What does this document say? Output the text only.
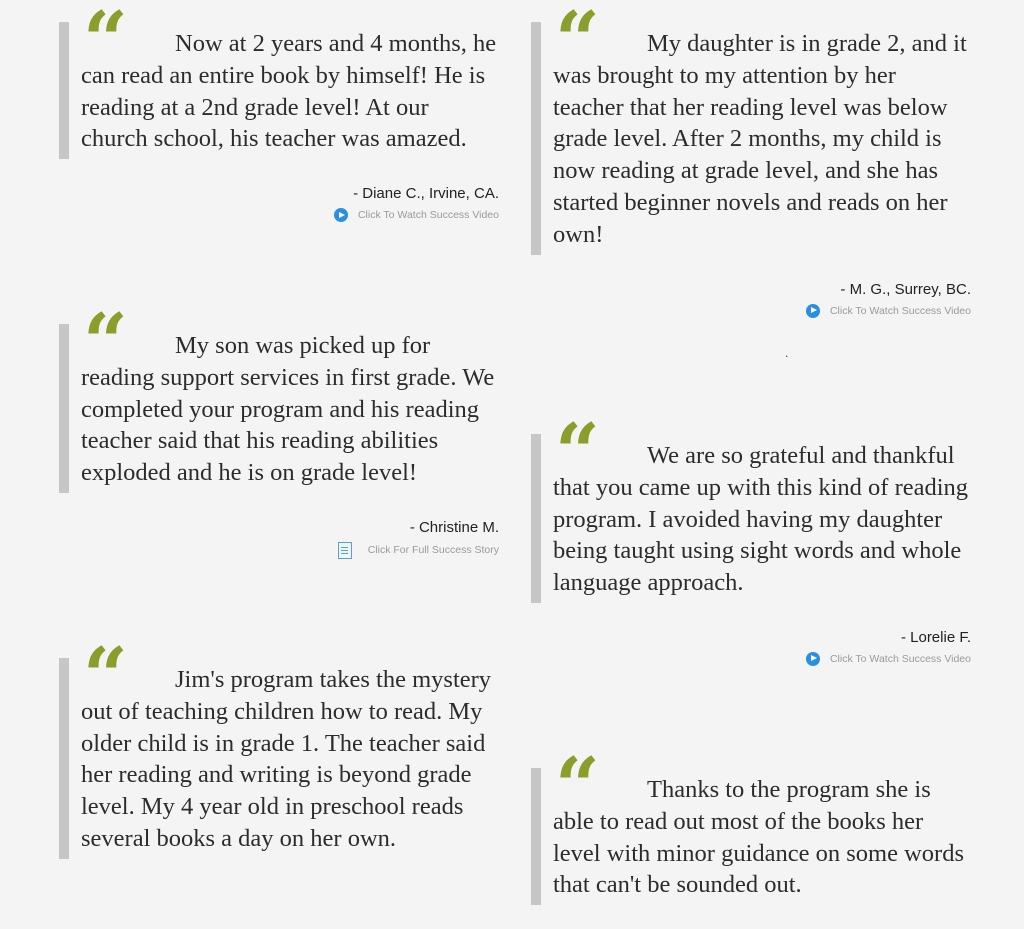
“	Now at 2 years and 4 months, he can read an entire book by himself! He is reading at a 2nd grade level! At our church school, his teacher was amazed.

- Diane C., Irvine, CA.
Click To Watch Success Video
“	My son was picked up for reading support services in first grade. We completed your program and his reading teacher said that his reading abilities exploded and he is on grade level!

- Christine M.
Click For Full Success Story
“	Jim's program takes the mystery out of teaching children how to read. My older child is in grade 1. The teacher said her reading and writing is beyond grade level. My 4 year old in preschool reads several books a day on her own.

“	My daughter is in grade 2, and it was brought to my attention by her teacher that her reading level was below grade level. After 2 months, my child is now reading at grade level, and she has started beginner novels and reads on her own!

- M. G., Surrey, BC.
Click To Watch Success Video
“	We are so grateful and thankful that you came up with this kind of reading program. I avoided having my daughter being taught using sight words and whole language approach.

- Lorelie F.
Click To Watch Success Video
“	Thanks to the program she is able to read out most of the books her level with minor guidance on some words that can't be sounded out.

.
